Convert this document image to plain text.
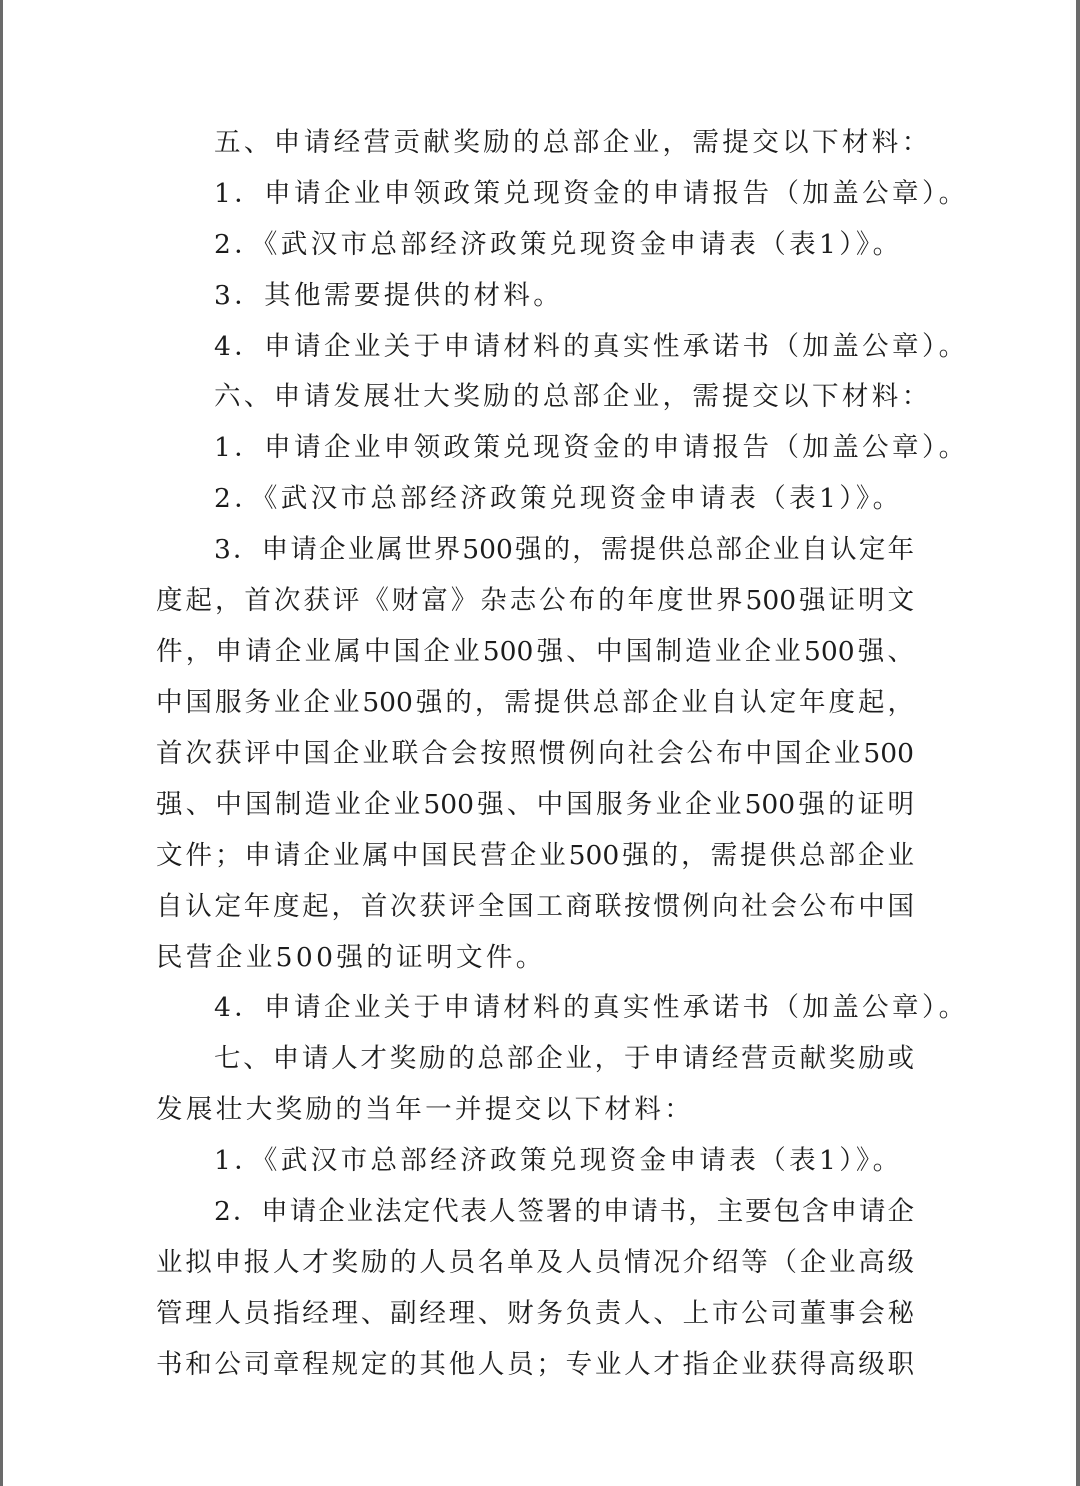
五、申请经营贡献奖励的总部企业，需提交以下材料：

1．申请企业申领政策兑现资金的申请报告（加盖公章）。

2．《武汉市总部经济政策兑现资金申请表（表1）》。

3．其他需要提供的材料。

4．申请企业关于申请材料的真实性承诺书（加盖公章）。

六、申请发展壮大奖励的总部企业，需提交以下材料：

1．申请企业申领政策兑现资金的申请报告（加盖公章）。

2．《武汉市总部经济政策兑现资金申请表（表1）》。

3．申请企业属世界500强的，需提供总部企业自认定年

度起，首次获评《财富》杂志公布的年度世界500强证明文

件，申请企业属中国企业500强、中国制造业企业500强、

中国服务业企业500强的，需提供总部企业自认定年度起，

首次获评中国企业联合会按照惯例向社会公布中国企业500

强、中国制造业企业500强、中国服务业企业500强的证明

文件；申请企业属中国民营企业500强的，需提供总部企业

自认定年度起，首次获评全国工商联按惯例向社会公布中国

民营企业500强的证明文件。

4．申请企业关于申请材料的真实性承诺书（加盖公章）。

七、申请人才奖励的总部企业，于申请经营贡献奖励或

发展壮大奖励的当年一并提交以下材料：

1．《武汉市总部经济政策兑现资金申请表（表1）》。

2．申请企业法定代表人签署的申请书，主要包含申请企

业拟申报人才奖励的人员名单及人员情况介绍等（企业高级

管理人员指经理、副经理、财务负责人、上市公司董事会秘

书和公司章程规定的其他人员；专业人才指企业获得高级职
